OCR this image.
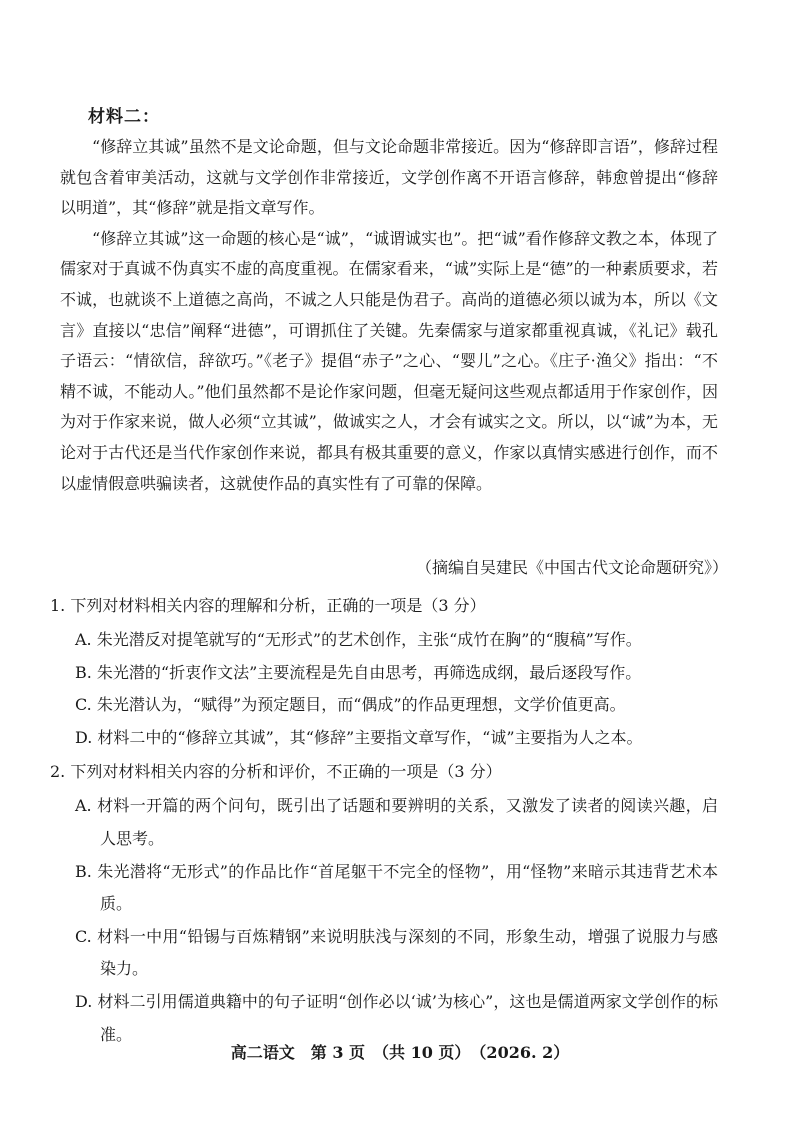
材料二：

“修辞立其诚”虽然不是文论命题，但与文论命题非常接近。因为“修辞即言语”，修辞过程就包含着审美活动，这就与文学创作非常接近，文学创作离不开语言修辞，韩愈曾提出“修辞以明道”，其“修辞”就是指文章写作。

“修辞立其诚”这一命题的核心是“诚”，“诚谓诚实也”。把“诚”看作修辞文教之本，体现了儒家对于真诚不伪真实不虚的高度重视。在儒家看来，“诚”实际上是“德”的一种素质要求，若不诚，也就谈不上道德之高尚，不诚之人只能是伪君子。高尚的道德必须以诚为本，所以《文言》直接以“忠信”阐释“进德”，可谓抓住了关键。先秦儒家与道家都重视真诚，《礼记》载孔子语云：“情欲信，辞欲巧。”《老子》提倡“赤子”之心、“婴儿”之心。《庄子·渔父》指出：“不精不诚，不能动人。”他们虽然都不是论作家问题，但毫无疑问这些观点都适用于作家创作，因为对于作家来说，做人必须“立其诚”，做诚实之人，才会有诚实之文。所以，以“诚”为本，无论对于古代还是当代作家创作来说，都具有极其重要的意义，作家以真情实感进行创作，而不以虚情假意哄骗读者，这就使作品的真实性有了可靠的保障。

（摘编自吴建民《中国古代文论命题研究》）

1. 下列对材料相关内容的理解和分析，正确的一项是（3 分）

A. 朱光潜反对提笔就写的“无形式”的艺术创作，主张“成竹在胸”的“腹稿”写作。
B. 朱光潜的“折衷作文法”主要流程是先自由思考，再筛选成纲，最后逐段写作。
C. 朱光潜认为，“赋得”为预定题目，而“偶成”的作品更理想，文学价值更高。
D. 材料二中的“修辞立其诚”，其“修辞”主要指文章写作，“诚”主要指为人之本。

2. 下列对材料相关内容的分析和评价，不正确的一项是（3 分）

A. 材料一开篇的两个问句，既引出了话题和要辨明的关系，又激发了读者的阅读兴趣，启人思考。
B. 朱光潜将“无形式”的作品比作“首尾躯干不完全的怪物”，用“怪物”来暗示其违背艺术本质。
C. 材料一中用“铅锡与百炼精钢”来说明肤浅与深刻的不同，形象生动，增强了说服力与感染力。
D. 材料二引用儒道典籍中的句子证明“创作必以‘诚’为核心”，这也是儒道两家文学创作的标准。
高二语文　第 3 页　（共 10 页）　（2026. 2）
